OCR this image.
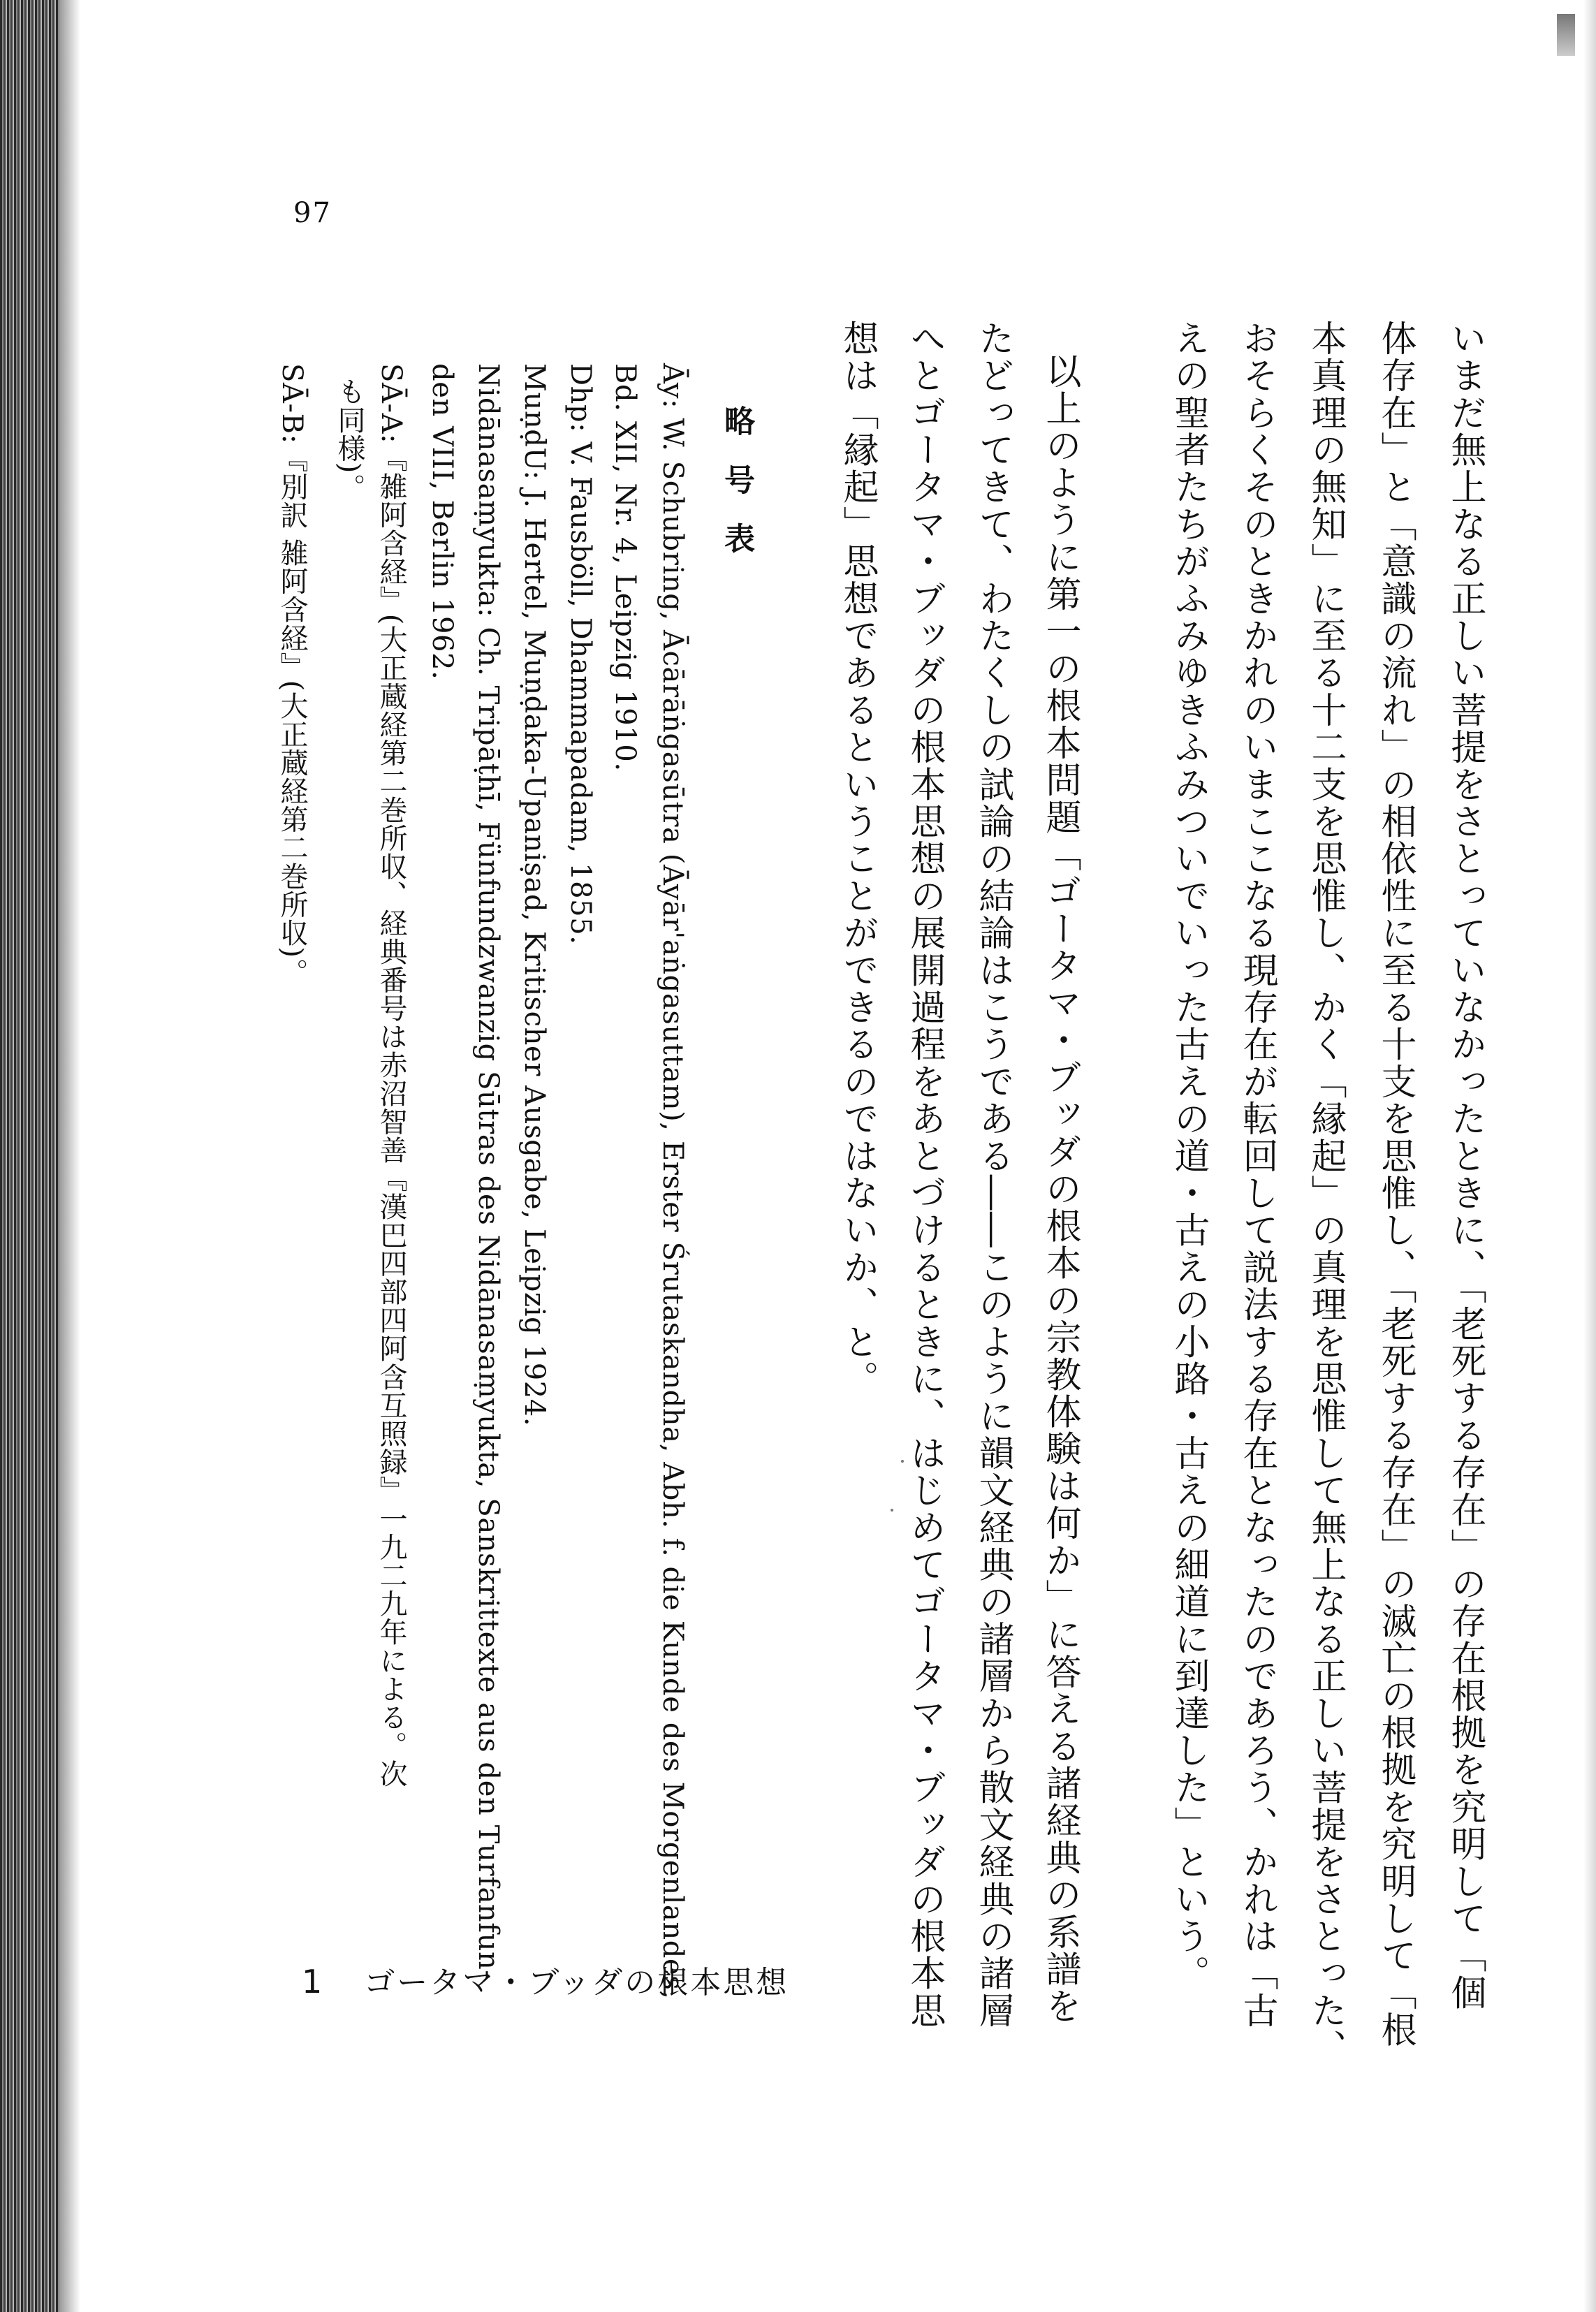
97
いまだ無上なる正しい菩提をさとっていなかったときに、「老死する存在」の存在根拠を究明して「個
体存在」と「意識の流れ」の相依性に至る十支を思惟し、「老死する存在」の滅亡の根拠を究明して「根
本真理の無知」に至る十二支を思惟し、かく「縁起」の真理を思惟して無上なる正しい菩提をさとった、
おそらくそのときかれのいまここなる現存在が転回して説法する存在となったのであろう、かれは「古
えの聖者たちがふみゆきふみついでいった古えの道・古えの小路・古えの細道に到達した」という。
以上のように第一の根本問題「ゴータマ・ブッダの根本の宗教体験は何か」に答える諸経典の系譜を
たどってきて、わたくしの試論の結論はこうである――このように韻文経典の諸層から散文経典の諸層
へとゴータマ・ブッダの根本思想の展開過程をあとづけるときに、はじめてゴータマ・ブッダの根本思
想は「縁起」思想であるということができるのではないか、と。
略号表
Āy: W. Schubring, Ācārāṅgasūtra (Āyār'aṅgasuttam), Erster Śrutaskandha, Abh. f. die Kunde des Morgenlandes,
Bd. XII, Nr. 4, Leipzig 1910.
Dhp: V. Fausböll, Dhammapadam, 1855.
MuṇḍU: J. Hertel, Muṇḍaka-Upaniṣad, Kritischer Ausgabe, Leipzig 1924.
Nidānasaṃyukta: Ch. Tripāṭhī, Fünfundzwanzig Sūtras des Nidānasaṃyukta, Sanskrittexte aus den Turfanfun-
den VIII, Berlin 1962.
SĀ-A:『雑阿含経』(大正蔵経第二巻所収、経典番号は赤沼智善『漢巴四部四阿含互照録』一九二九年による。次
も同様)。
SĀ-B:『別訳 雑阿含経』(大正蔵経第二巻所収)。
1 ゴータマ・ブッダの根本思想
